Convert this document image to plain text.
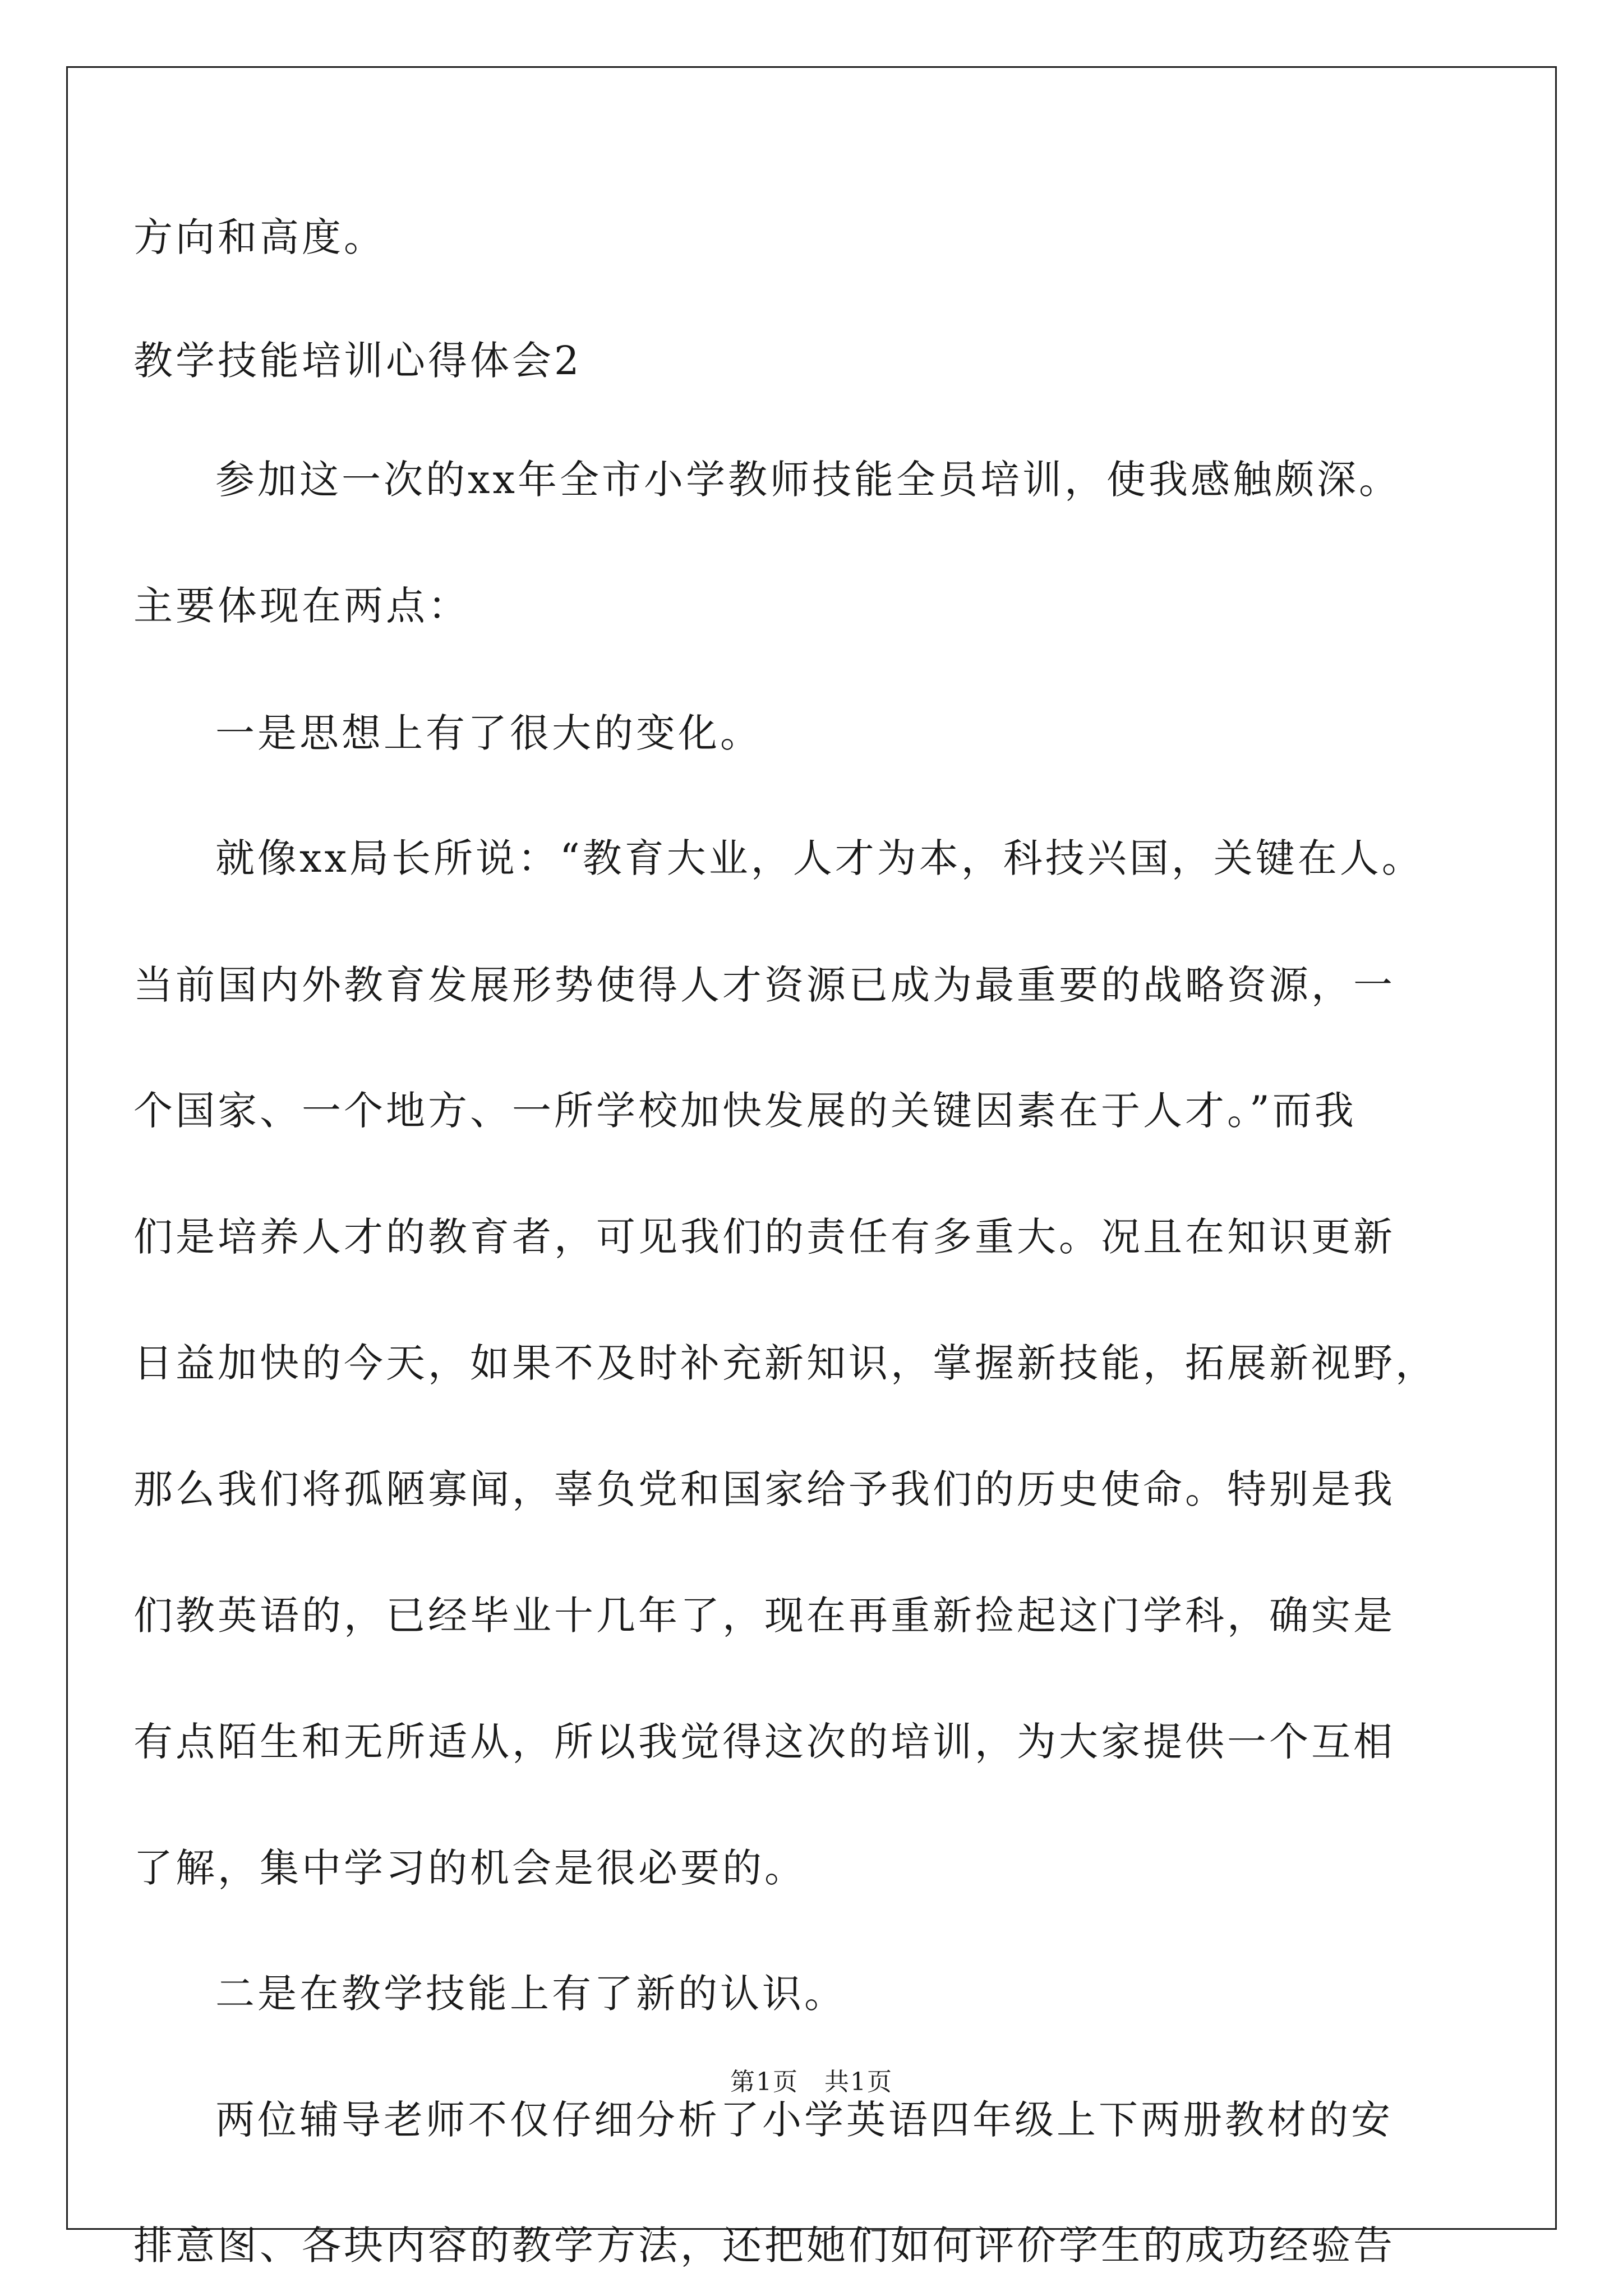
方向和高度。
教学技能培训心得体会2
参加这一次的xx年全市小学教师技能全员培训，使我感触颇深。
主要体现在两点：
一是思想上有了很大的变化。
就像xx局长所说：“教育大业，人才为本，科技兴国，关键在人。
当前国内外教育发展形势使得人才资源已成为最重要的战略资源，一
个国家、一个地方、一所学校加快发展的关键因素在于人才。”而我
们是培养人才的教育者，可见我们的责任有多重大。况且在知识更新
日益加快的今天，如果不及时补充新知识，掌握新技能，拓展新视野，
那么我们将孤陋寡闻，辜负党和国家给予我们的历史使命。特别是我
们教英语的，已经毕业十几年了，现在再重新捡起这门学科，确实是
有点陌生和无所适从，所以我觉得这次的培训，为大家提供一个互相
了解，集中学习的机会是很必要的。
二是在教学技能上有了新的认识。
两位辅导老师不仅仔细分析了小学英语四年级上下两册教材的安
排意图、各块内容的教学方法，还把她们如何评价学生的成功经验告
第1页　共1页
